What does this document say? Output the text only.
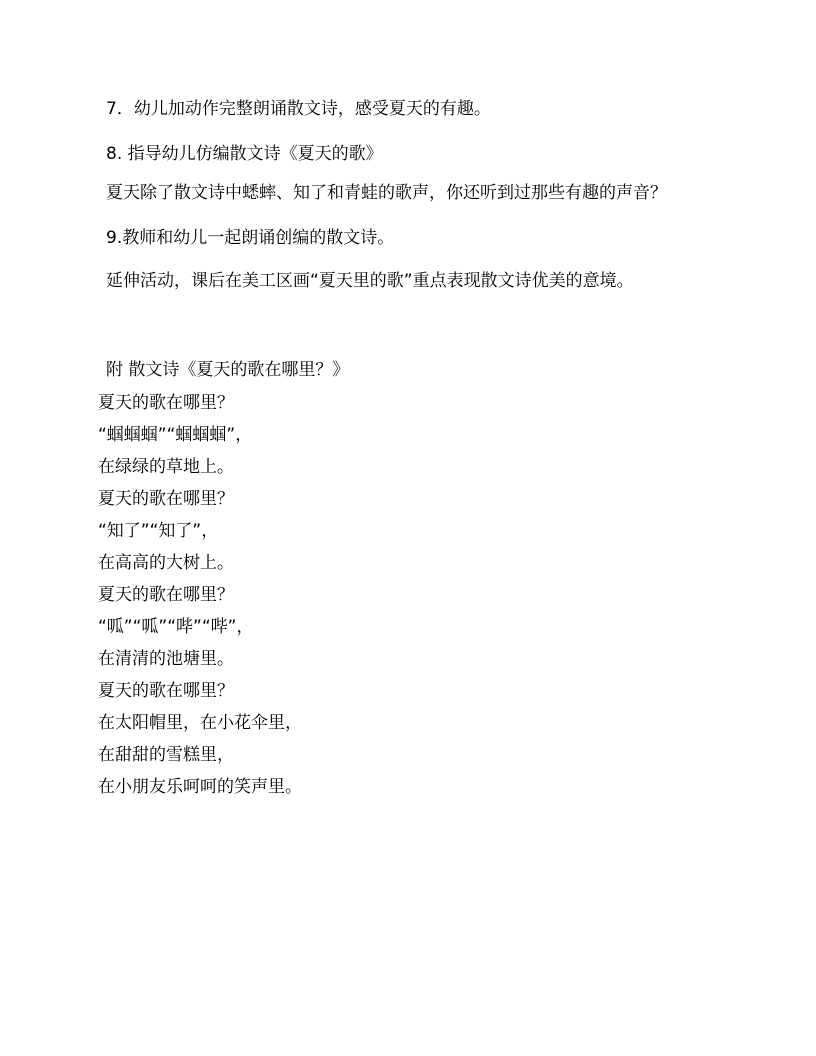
7．幼儿加动作完整朗诵散文诗，感受夏天的有趣。
8. 指导幼儿仿编散文诗《夏天的歌》
夏天除了散文诗中蟋蟀、知了和青蛙的歌声，你还听到过那些有趣的声音？
9.教师和幼儿一起朗诵创编的散文诗。
延伸活动，课后在美工区画“夏天里的歌”重点表现散文诗优美的意境。
附 散文诗《夏天的歌在哪里？》
夏天的歌在哪里？
“蝈蝈蝈”“蝈蝈蝈”，
在绿绿的草地上。
夏天的歌在哪里？
“知了”“知了”，
在高高的大树上。
夏天的歌在哪里？
“呱”“呱”“哔”“哔”，
在清清的池塘里。
夏天的歌在哪里？
在太阳帽里，在小花伞里，
在甜甜的雪糕里，
在小朋友乐呵呵的笑声里。
